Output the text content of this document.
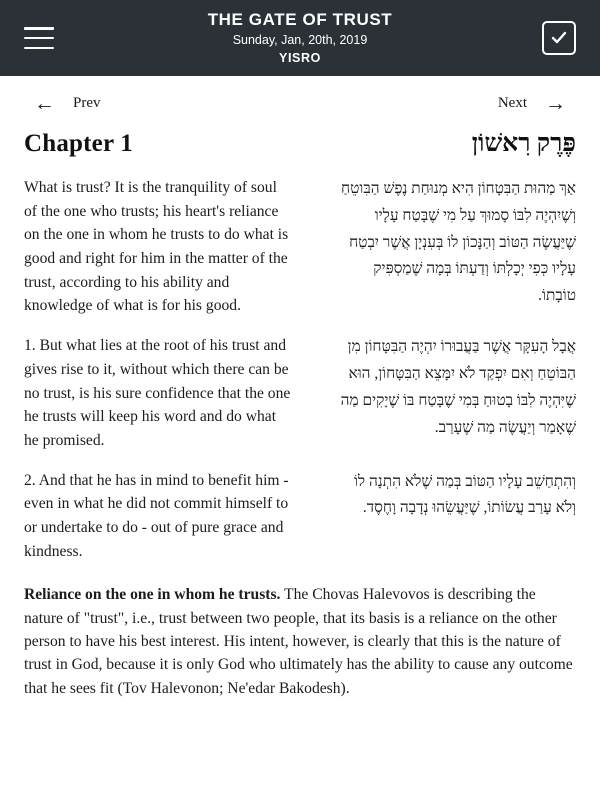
THE GATE OF TRUST
Sunday, Jan, 20th, 2019
YISRO
← Prev	Next →
Chapter 1	פֶּרֶק רִאשׁוֹן
What is trust? It is the tranquility of soul of the one who trusts; his heart's reliance on the one in whom he trusts to do what is good and right for him in the matter of the trust, according to his ability and knowledge of what is for his good.
אַךְ מַהוּת הַבִּטָחוֹן הִיא מְנוּחַת נֶפֶשׁ הַבִּוטֵחַ וְשֶׁיִהְיֶה לִבּוֹ סָמוּךְ עַל מִי שֶׁבָּטַח עָלָיו שֶׁיַּעֲשֶׂה הַטּוֹב וְהַנָּכוֹן לוֹ בְּעִנְיָן אֲשֶׁר יִבְטַח עָלָיו כְּפִי יְכָלְתּוֹ וְדַעְתּוֹ בְּמָה שֶׁמַסְפִּיק טוֹבָתוֹ.
1. But what lies at the root of his trust and gives rise to it, without which there can be no trust, is his sure confidence that the one he trusts will keep his word and do what he promised.
אֲבָל הָעִקָּר אֲשֶׁר בַּעֲבוּרוֹ יִהְיֶה הַבִּטָּחוֹן מִן הַבּוֹטֵחַ וְאִם יִפְקַד לֹא יִמָּצֵא הַבִּטָּחוֹן, הוּא שֶׁיִּהְיֶה לִבּוֹ בָטוּחַ בְּמִי שֶׁבָּטַח בּוֹ שֶׁיָקִים מַה שֶׁאָמַר וְיַעֲשֶׂה מַה שֶׁעָרַב.
2. And that he has in mind to benefit him - even in what he did not commit himself to or undertake to do - out of pure grace and kindness.
וְהִתְחַשֵׁב עָלָיו הַטּוֹב בְּמַה שֶׁלֹא הִתְנָה לוֹ וְלֹא עָרַב עֲשׂוֹתוֹ, שֶׁיַּעֲשֵׂהוּ נְדָבָה וָחֶסֶד.
Reliance on the one in whom he trusts. The Chovas Halevovos is describing the nature of "trust", i.e., trust between two people, that its basis is a reliance on the other person to have his best interest. His intent, however, is clearly that this is the nature of trust in God, because it is only God who ultimately has the ability to cause any outcome that he sees fit (Tov Halevonon; Ne'edar Bakodesh).
